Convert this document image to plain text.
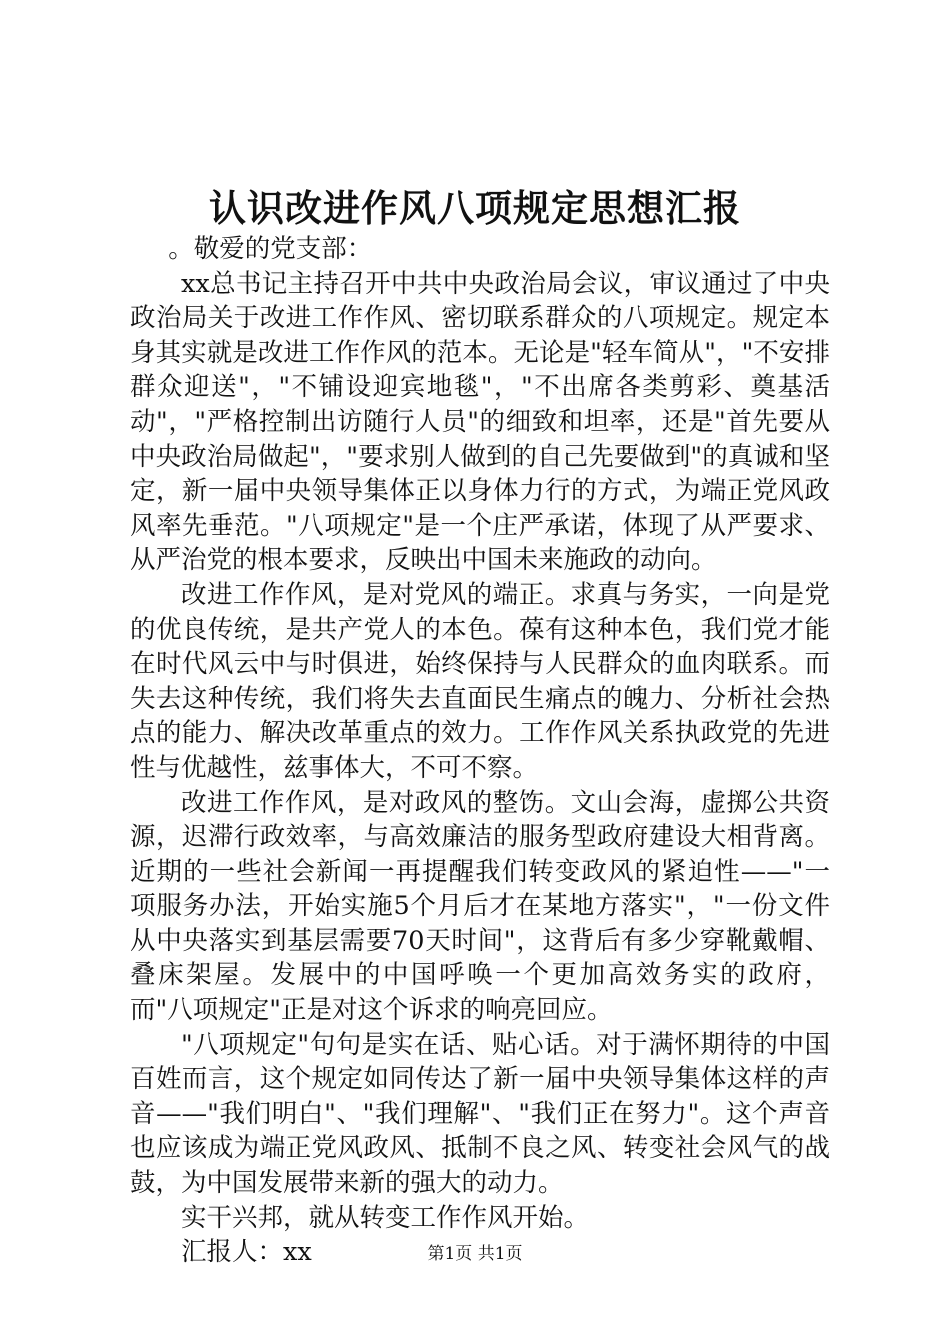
认识改进作风八项规定思想汇报

。敬爱的党支部：

xx总书记主持召开中共中央政治局会议，审议通过了中央政治局关于改进工作作风、密切联系群众的八项规定。规定本身其实就是改进工作作风的范本。无论是"轻车简从"，"不安排群众迎送"，"不铺设迎宾地毯"，"不出席各类剪彩、奠基活动"，"严格控制出访随行人员"的细致和坦率，还是"首先要从中央政治局做起"，"要求别人做到的自己先要做到"的真诚和坚定，新一届中央领导集体正以身体力行的方式，为端正党风政风率先垂范。"八项规定"是一个庄严承诺，体现了从严要求、从严治党的根本要求，反映出中国未来施政的动向。

改进工作作风，是对党风的端正。求真与务实，一向是党的优良传统，是共产党人的本色。葆有这种本色，我们党才能在时代风云中与时俱进，始终保持与人民群众的血肉联系。而失去这种传统，我们将失去直面民生痛点的魄力、分析社会热点的能力、解决改革重点的效力。工作作风关系执政党的先进性与优越性，兹事体大，不可不察。

改进工作作风，是对政风的整饬。文山会海，虚掷公共资源，迟滞行政效率，与高效廉洁的服务型政府建设大相背离。近期的一些社会新闻一再提醒我们转变政风的紧迫性——"一项服务办法，开始实施5个月后才在某地方落实"，"一份文件从中央落实到基层需要70天时间"，这背后有多少穿靴戴帽、叠床架屋。发展中的中国呼唤一个更加高效务实的政府，而"八项规定"正是对这个诉求的响亮回应。

"八项规定"句句是实在话、贴心话。对于满怀期待的中国百姓而言，这个规定如同传达了新一届中央领导集体这样的声音——"我们明白"、"我们理解"、"我们正在努力"。这个声音也应该成为端正党风政风、抵制不良之风、转变社会风气的战鼓，为中国发展带来新的强大的动力。

实干兴邦，就从转变工作作风开始。

汇报人：xx	第1页 共1页
